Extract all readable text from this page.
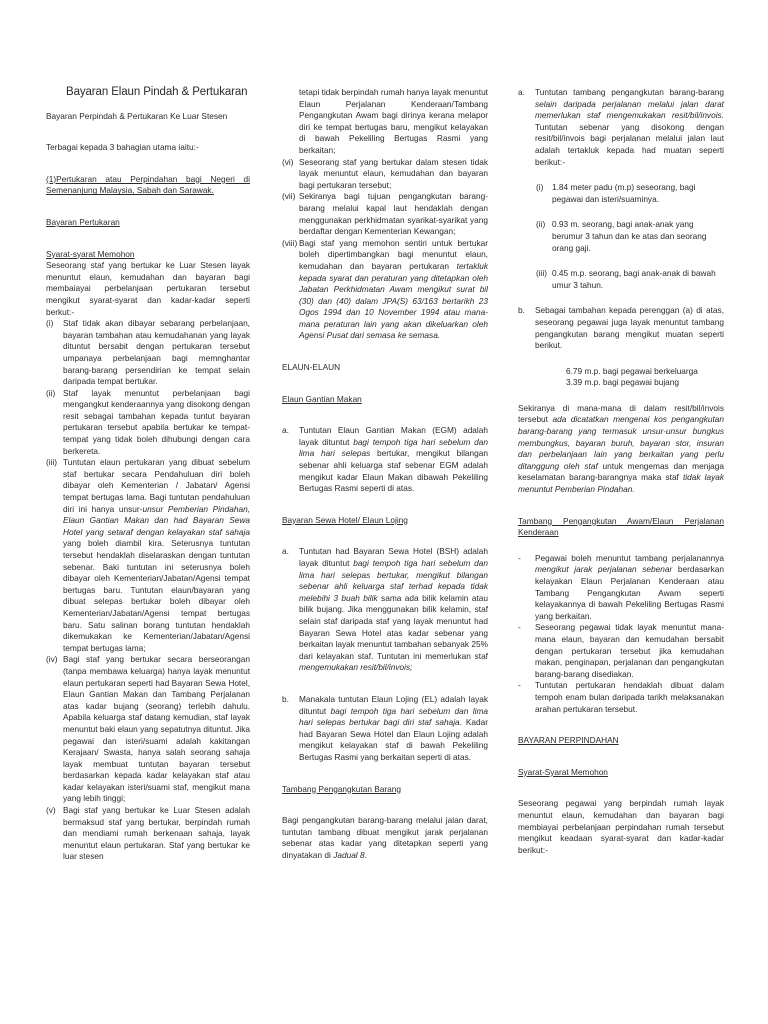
Bayaran Elaun Pindah & Pertukaran

Bayaran Perpindah & Pertukaran Ke Luar Stesen

Terbagai kepada 3 bahagian utama iaitu:-

(1)Pertukaran atau Perpindahan bagi Negeri di Semenanjung Malaysia, Sabah dan Sarawak.

Bayaran Pertukaran

Syarat-syarat Memohon

Seseorang staf yang bertukar ke Luar Stesen layak menuntut elaun, kemudahan dan bayaran bagi membaiayai perbelanjaan pertukaran tersebut mengikut syarat-syarat dan kadar-kadar seperti berkut:-

(i)	Staf tidak akan dibayar sebarang perbelanjaan, bayaran tambahan atau kemudahanan yang layak dituntut bersabit dengan pertukaran tersebut umpanaya perbelanjaan bagi memnghantar barang-barang persendirian ke tempat selain daripada tempat bertukar.
(ii) Staf layak menuntut perbelanjaan bagi mengangkut kenderaannya yang disokong dengan resit sebagai tambahan kepada tuntut bayaran pertukaran tersebut apabila bertukar ke tempat-tempat yang tidak boleh dihubungi dengan cara berkereta.
(iii) Tuntutan elaun pertukaran yang dibuat sebelum staf bertukar secara Pendahuluan diri boleh dibayar oleh Kementerian / Jabatan/ Agensi tempat bertugas lama. Bagi tuntutan pendahuluan diri ini hanya unsur-unsur Pemberian Pindahan, Elaun Gantian Makan dan had Bayaran Sewa Hotel yang setaraf dengan kelayakan staf sahaja yang boleh diambil kira. Seterusnya tuntutan tersebut hendaklah diselaraskan dengan tuntutan sebenar. Baki tuntutan ini seterusnya boleh dibayar oleh Kementerian/Jabatan/Agensi tempat bertugas baru. Tuntutan elaun/bayaran yang dibuat selepas bertukar boleh dibayar oleh Kementerian/Jabatan/Agensi tempat bertugas baru. Satu salinan borang tuntutan hendaklah dikemukakan ke Kementerian/Jabatan/Agensi tempat bertugas lama;
(iv) Bagi staf yang bertukar secara berseorangan (tanpa membawa keluarga) hanya layak menuntut elaun pertukaran seperti had Bayaran Sewa Hotel, Elaun Gantian Makan dan Tambang Perjalanan atas kadar bujang (seorang) terlebih dahulu. Apabila keluarga staf datang kemudian, staf layak menuntut baki elaun yang sepatutnya dituntut. Jika pegawai dan isteri/suami adalah kakitangan Kerajaan/ Swasta, hanya salah seorang sahaja layak membuat tuntutan bayaran tersebut berdasarkan kepada kadar kelayakan staf atau kadar kelayakan isteri/suami staf, mengikut mana yang lebih tinggi;
(v) Bagi staf yang bertukar ke Luar Stesen adalah bermaksud staf yang bertukar, berpindah rumah dan mendiami rumah berkenaan sahaja, layak menuntut elaun pertukaran. Staf yang bertukar ke luar stesen
tetapi tidak berpindah rumah hanya layak menuntut Elaun Perjalanan Kenderaan/Tambang Pengangkutan Awam bagi dirinya kerana melapor diri ke tempat bertugas baru, mengikut kelayakan di bawah Pekeliling Bertugas Rasmi yang berkaitan;
(vi) Seseorang staf yang bertukar dalam stesen tidak layak menuntut elaun, kemudahan dan bayaran bagi pertukaran tersebut;
(vii) Sekiranya bagi tujuan pengangkutan barang-barang melalui kapal laut hendaklah dengan menggunakan perkhidmatan syarikat-syarikat yang berdaftar dengan Kementerian Kewangan;
(viii) Bagi staf yang memohon sentiri untuk bertukar boleh dipertimbangkan bagi menuntut elaun, kemudahan dan bayaran pertukaran tertakluk kepada syarat dan peraturan yang ditetapkan oleh Jabatan Perkhidmatan Awam mengikut surat bil (30) dan (40) dalam JPA(S) 63/163 bertarikh 23 Ogos 1994 dan 10 November 1994 atau mana-mana peraturan lain yang akan dikeluarkan oleh Agensi Pusat dari semasa ke semasa.

ELAUN-ELAUN

Elaun Gantian Makan

a.	Tuntutan Elaun Gantian Makan (EGM) adalah layak dituntut bagi tempoh tiga hari sebelum dan lima hari selepas bertukar, mengikut bilangan sebenar ahli keluarga staf sebenar EGM adalah mengikut kadar Elaun Makan dibawah Pekeliling Bertugas Rasmi seperti di atas.

Bayaran Sewa Hotel/ Elaun Lojing

a.	Tuntutan had Bayaran Sewa Hotel (BSH) adalah layak dituntut bagi tempoh tiga hari sebelum dan lima hari selepas bertukar, mengikut bilangan sebenar ahli keluarga staf terhad kepada tidak melebihi 3 buah bilik sama ada bilik kelamin atau bilik bujang. Jika menggunakan bilik kelamin, staf selain staf daripada staf yang layak menuntut had Bayaran Sewa Hotel atas kadar sebenar yang berkaitan layak menuntut tambahan sebanyak 25% dari kelayakan staf. Tuntutan ini memerlukan staf mengemukakan resit/bil/invois;
b.	Manakala tuntutan Elaun Lojing (EL) adalah layak dituntut bagi tempoh tiga hari sebelum dan lima hari selepas bertukar bagi diri staf sahaja. Kadar had Bayaran Sewa Hotel dan Elaun Lojing adalah mengikut kelayakan staf di bawah Pekeliling Bertugas Rasmi yang berkaitan seperti di atas.

Tambang Pengangkutan Barang

Bagi pengangkutan barang-barang melalui jalan darat, tuntutan tambang dibuat mengikut jarak perjalanan sebenar atas kadar yang ditetapkan seperti yang dinyatakan di Jadual 8.

a.	Tuntutan tambang pengangkutan barang-barang selain daripada perjalanan melalui jalan darat memerlukan staf mengemukakan resit/bil/invois. Tuntutan sebenar yang disokong dengan resit/bil/invois bagi perjalanan melalui jalan laut adalah tertakluk kepada had muatan seperti berikut:-
(i)	1.84 meter padu (m.p) seseorang, bagi pegawai dan isteri/suaminya.
(ii) 0.93 m. seorang, bagi anak-anak yang berumur 3 tahun dan ke atas dan seorang orang gaji.
(iii) 0.45 m.p. seorang, bagi anak-anak di bawah umur 3 tahun.
b.	Sebagai tambahan kepada perenggan (a) di atas, seseorang pegawai juga layak menuntut tambang pengangkutan barang mengikut muatan seperti berikut.

6.79 m.p. bagi pegawai berkeluarga

3.39 m.p. bagi pegawai bujang

Sekiranya di mana-mana di dalam resit/bil/invois tersebut ada dicatatkan mengenai kos pengangkutan barang-barang yang termasuk unsur-unsur bungkus membungkus, bayaran buruh, bayaran stor, insuran dan perbelanjaan lain yang berkaitan yang perlu ditanggung oleh staf untuk mengemas dan menjaga keselamatan barang-barangnya maka staf tidak layak menuntut Pemberian Pindahan.

Tambang Pengangkutan Awam/Elaun Perjalanan Kenderaan

-	Pegawai boleh menuntut tambang perjalanannya mengikut jarak perjalanan sebenar berdasarkan kelayakan Elaun Perjalanan Kenderaan atau Tambang Pengangkutan Awam seperti kelayakannya di bawah Pekeliling Bertugas Rasmi yang berkaitan.
-	Seseorang pegawai tidak layak menuntut mana-mana elaun, bayaran dan kemudahan bersabit dengan pertukaran tersebut jika kemudahan makan, penginapan, perjalanan dan pengangkutan barang-barang disediakan.
-	Tuntutan pertukaran hendaklah dibuat dalam tempoh enam bulan daripada tarikh melaksanakan arahan pertukaran tersebut.

BAYARAN PERPINDAHAN

Syarat-Syarat Memohon

Seseorang pegawai yang berpindah rumah layak menuntut elaun, kemudahan dan bayaran bagi membiayai perbelanjaan perpindahan rumah tersebut mengikut keadaan syarat-syarat dan kadar-kadar berikut:-
